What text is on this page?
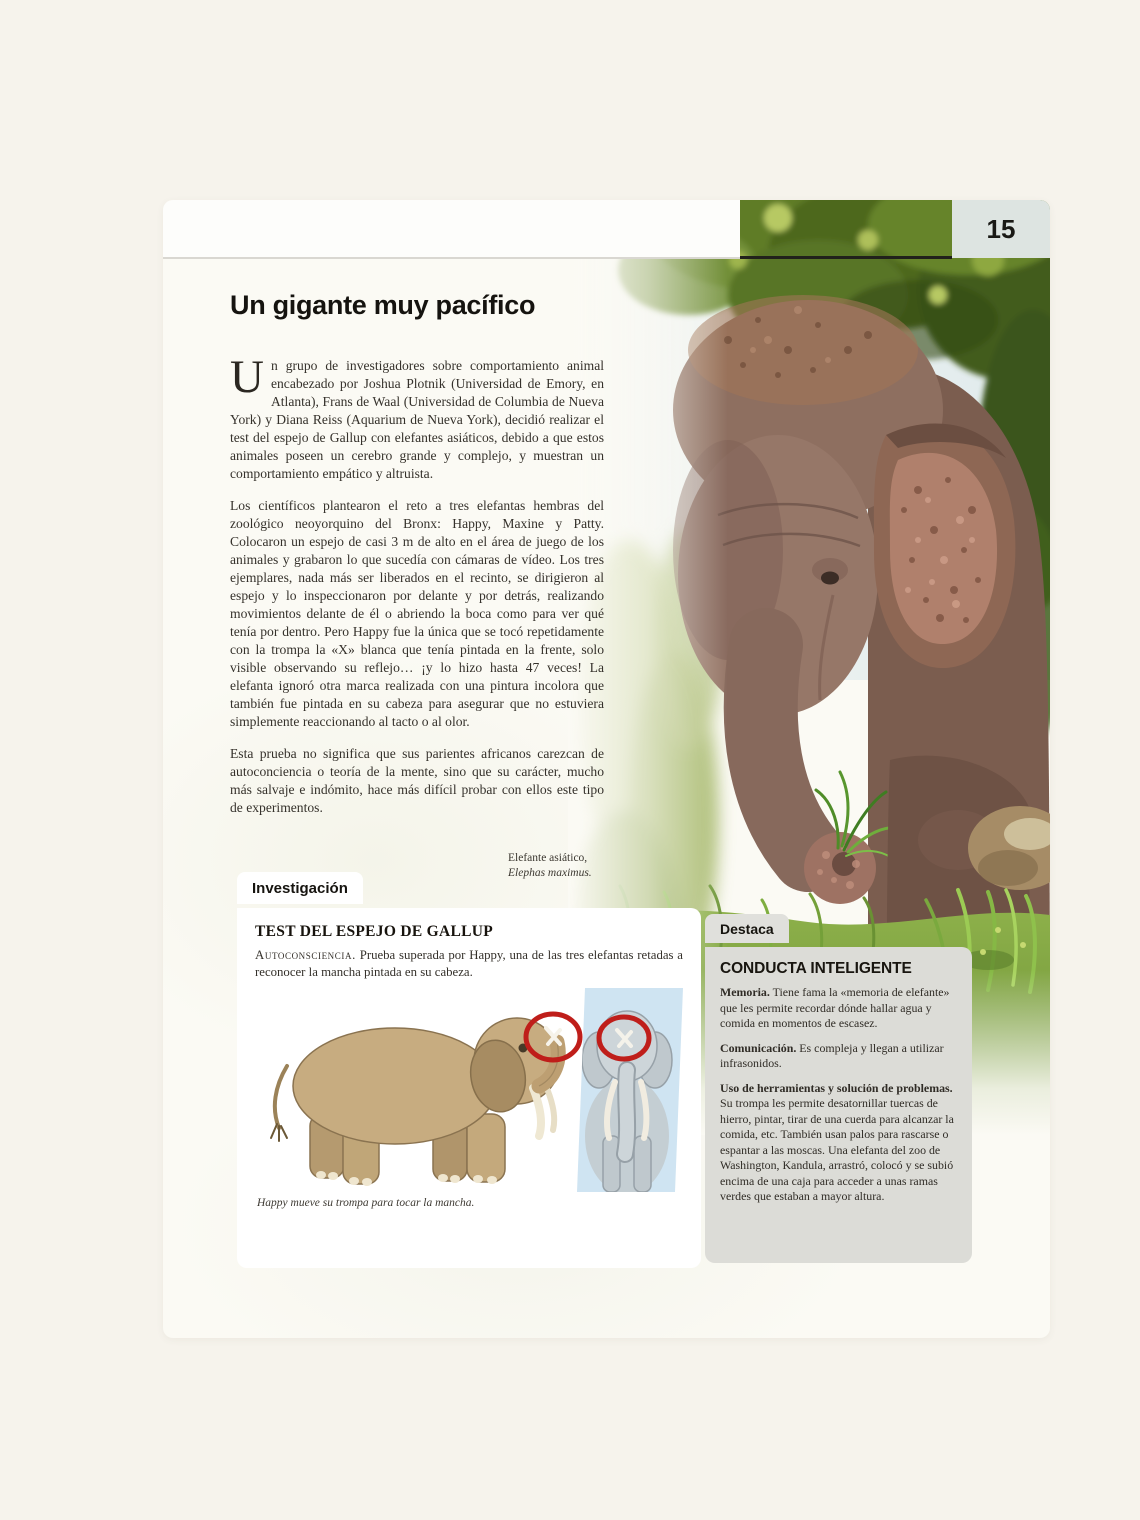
15
Un gigante muy pacífico

Un grupo de investigadores sobre comportamiento animal encabezado por Joshua Plotnik (Universidad de Emory, en Atlanta), Frans de Waal (Universidad de Columbia de Nueva York) y Diana Reiss (Aquarium de Nueva York), decidió realizar el test del espejo de Gallup con elefantes asiáticos, debido a que estos animales poseen un cerebro grande y complejo, y muestran un comportamiento empático y altruista.

Los científicos plantearon el reto a tres elefantas hembras del zoológico neoyorquino del Bronx: Happy, Maxine y Patty. Colocaron un espejo de casi 3 m de alto en el área de juego de los animales y grabaron lo que sucedía con cámaras de vídeo. Los tres ejemplares, nada más ser liberados en el recinto, se dirigieron al espejo y lo inspeccionaron por delante y por detrás, realizando movimientos delante de él o abriendo la boca como para ver qué tenía por dentro. Pero Happy fue la única que se tocó repetidamente con la trompa la «X» blanca que tenía pintada en la frente, solo visible observando su reflejo… ¡y lo hizo hasta 47 veces! La elefanta ignoró otra marca realizada con una pintura incolora que también fue pintada en su cabeza para asegurar que no estuviera simplemente reaccionando al tacto o al olor.

Esta prueba no significa que sus parientes africanos carezcan de autoconciencia o teoría de la mente, sino que su carácter, mucho más salvaje e indómito, hace más difícil probar con ellos este tipo de experimentos.

Elefante asiático,
Elephas maximus.
Investigación
TEST DEL ESPEJO DE GALLUP

Autoconsciencia. Prueba superada por Happy, una de las tres elefantas retadas a reconocer la mancha pintada en su cabeza.

Happy mueve su trompa para tocar la mancha.

Destaca
CONDUCTA INTELIGENTE

Memoria. Tiene fama la «memoria de elefante» que les permite recordar dónde hallar agua y comida en momentos de escasez.

Comunicación. Es compleja y llegan a utilizar infrasonidos.

Uso de herramientas y solución de problemas. Su trompa les permite desatornillar tuercas de hierro, pintar, tirar de una cuerda para alcanzar la comida, etc. También usan palos para rascarse o espantar a las moscas. Una elefanta del zoo de Washington, Kandula, arrastró, colocó y se subió encima de una caja para acceder a unas ramas verdes que estaban a mayor altura.
